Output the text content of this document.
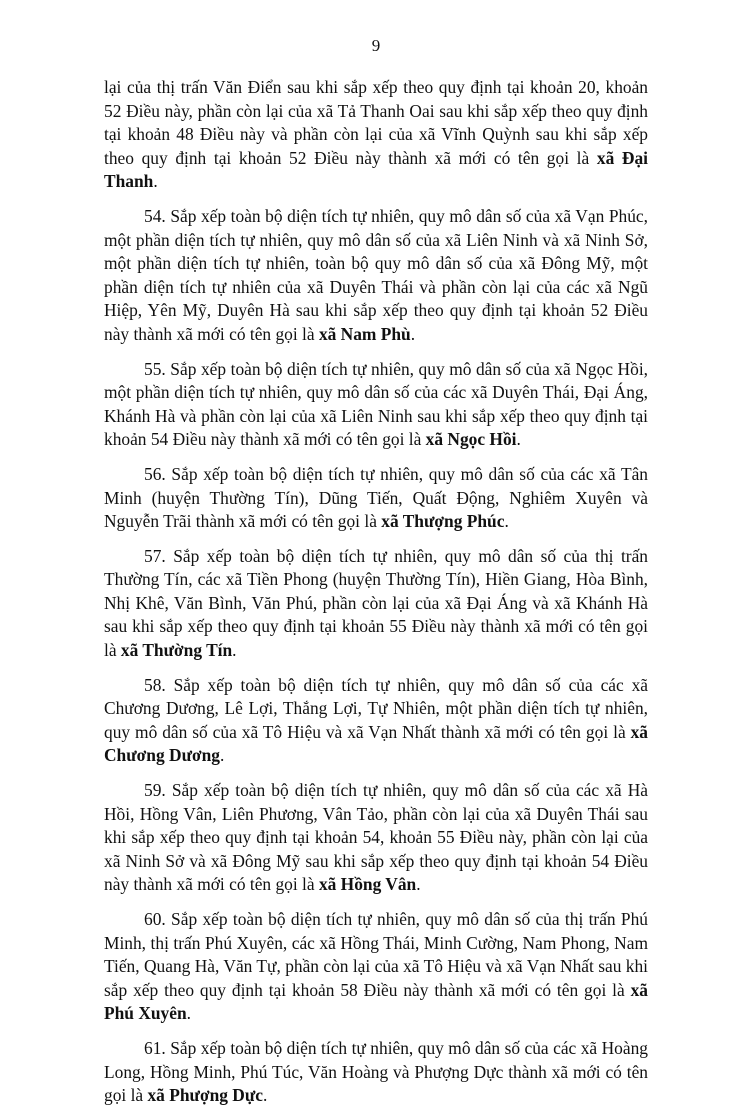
9

lại của thị trấn Văn Điển sau khi sắp xếp theo quy định tại khoản 20, khoản 52 Điều này, phần còn lại của xã Tả Thanh Oai sau khi sắp xếp theo quy định tại khoản 48 Điều này và phần còn lại của xã Vĩnh Quỳnh sau khi sắp xếp theo quy định tại khoản 52 Điều này thành xã mới có tên gọi là xã Đại Thanh.

54. Sắp xếp toàn bộ diện tích tự nhiên, quy mô dân số của xã Vạn Phúc, một phần diện tích tự nhiên, quy mô dân số của xã Liên Ninh và xã Ninh Sở, một phần diện tích tự nhiên, toàn bộ quy mô dân số của xã Đông Mỹ, một phần diện tích tự nhiên của xã Duyên Thái và phần còn lại của các xã Ngũ Hiệp, Yên Mỹ, Duyên Hà sau khi sắp xếp theo quy định tại khoản 52 Điều này thành xã mới có tên gọi là xã Nam Phù.

55. Sắp xếp toàn bộ diện tích tự nhiên, quy mô dân số của xã Ngọc Hồi, một phần diện tích tự nhiên, quy mô dân số của các xã Duyên Thái, Đại Áng, Khánh Hà và phần còn lại của xã Liên Ninh sau khi sắp xếp theo quy định tại khoản 54 Điều này thành xã mới có tên gọi là xã Ngọc Hồi.

56. Sắp xếp toàn bộ diện tích tự nhiên, quy mô dân số của các xã Tân Minh (huyện Thường Tín), Dũng Tiến, Quất Động, Nghiêm Xuyên và Nguyễn Trãi thành xã mới có tên gọi là xã Thượng Phúc.

57. Sắp xếp toàn bộ diện tích tự nhiên, quy mô dân số của thị trấn Thường Tín, các xã Tiền Phong (huyện Thường Tín), Hiền Giang, Hòa Bình, Nhị Khê, Văn Bình, Văn Phú, phần còn lại của xã Đại Áng và xã Khánh Hà sau khi sắp xếp theo quy định tại khoản 55 Điều này thành xã mới có tên gọi là xã Thường Tín.

58. Sắp xếp toàn bộ diện tích tự nhiên, quy mô dân số của các xã Chương Dương, Lê Lợi, Thắng Lợi, Tự Nhiên, một phần diện tích tự nhiên, quy mô dân số của xã Tô Hiệu và xã Vạn Nhất thành xã mới có tên gọi là xã Chương Dương.

59. Sắp xếp toàn bộ diện tích tự nhiên, quy mô dân số của các xã Hà Hồi, Hồng Vân, Liên Phương, Vân Tảo, phần còn lại của xã Duyên Thái sau khi sắp xếp theo quy định tại khoản 54, khoản 55 Điều này, phần còn lại của xã Ninh Sở và xã Đông Mỹ sau khi sắp xếp theo quy định tại khoản 54 Điều này thành xã mới có tên gọi là xã Hồng Vân.

60. Sắp xếp toàn bộ diện tích tự nhiên, quy mô dân số của thị trấn Phú Minh, thị trấn Phú Xuyên, các xã Hồng Thái, Minh Cường, Nam Phong, Nam Tiến, Quang Hà, Văn Tự, phần còn lại của xã Tô Hiệu và xã Vạn Nhất sau khi sắp xếp theo quy định tại khoản 58 Điều này thành xã mới có tên gọi là xã Phú Xuyên.

61. Sắp xếp toàn bộ diện tích tự nhiên, quy mô dân số của các xã Hoàng Long, Hồng Minh, Phú Túc, Văn Hoàng và Phượng Dực thành xã mới có tên gọi là xã Phượng Dực.
